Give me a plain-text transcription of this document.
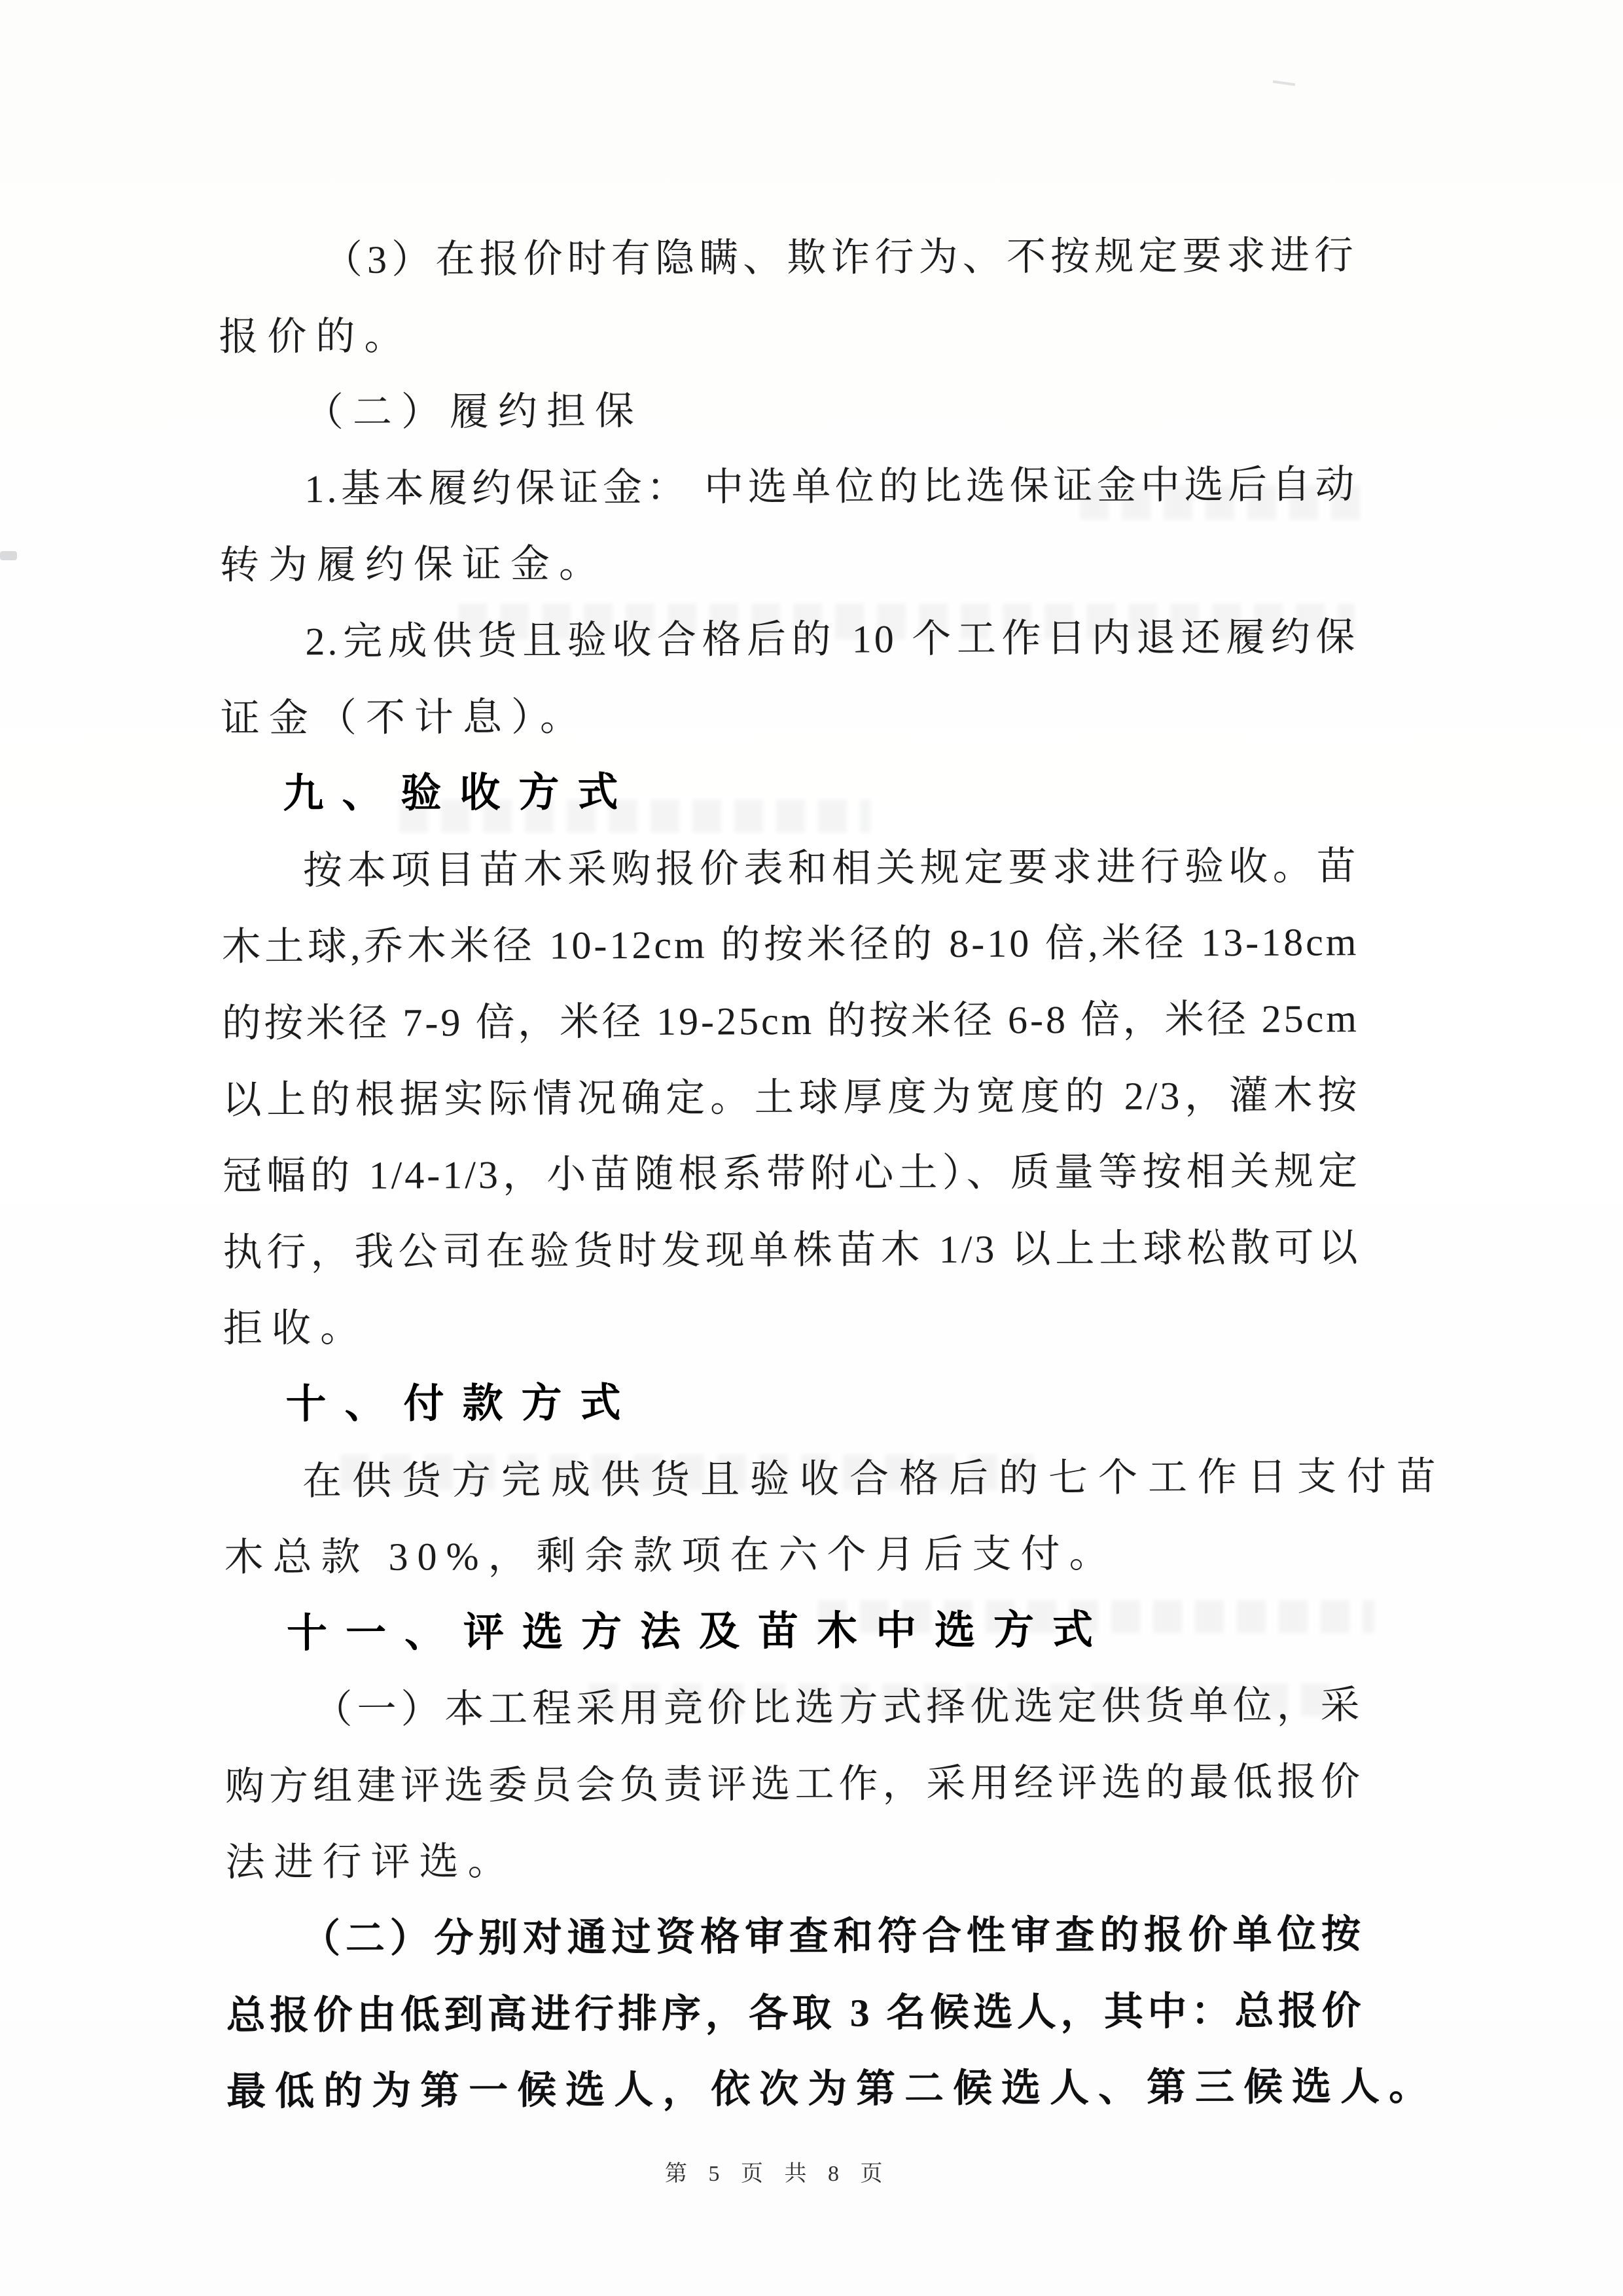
（3）在报价时有隐瞒、欺诈行为、不按规定要求进行
报价的。
（二）履约担保
1.基本履约保证金： 中选单位的比选保证金中选后自动
转为履约保证金。
2.完成供货且验收合格后的 10 个工作日内退还履约保
证金（不计息）。
九、验收方式
按本项目苗木采购报价表和相关规定要求进行验收。苗
木土球,乔木米径 10-12cm 的按米径的 8-10 倍,米径 13-18cm
的按米径 7-9 倍，米径 19-25cm 的按米径 6-8 倍，米径 25cm
以上的根据实际情况确定。土球厚度为宽度的 2/3，灌木按
冠幅的 1/4-1/3，小苗随根系带附心土）、质量等按相关规定
执行，我公司在验货时发现单株苗木 1/3 以上土球松散可以
拒收。
十、付款方式
在供货方完成供货且验收合格后的七个工作日支付苗
木总款 30%，剩余款项在六个月后支付。
十一、评选方法及苗木中选方式
（一）本工程采用竞价比选方式择优选定供货单位，采
购方组建评选委员会负责评选工作，采用经评选的最低报价
法进行评选。
（二）分别对通过资格审查和符合性审查的报价单位按
总报价由低到高进行排序，各取 3 名候选人，其中：总报价
最低的为第一候选人，依次为第二候选人、第三候选人。
第 5 页 共 8 页
